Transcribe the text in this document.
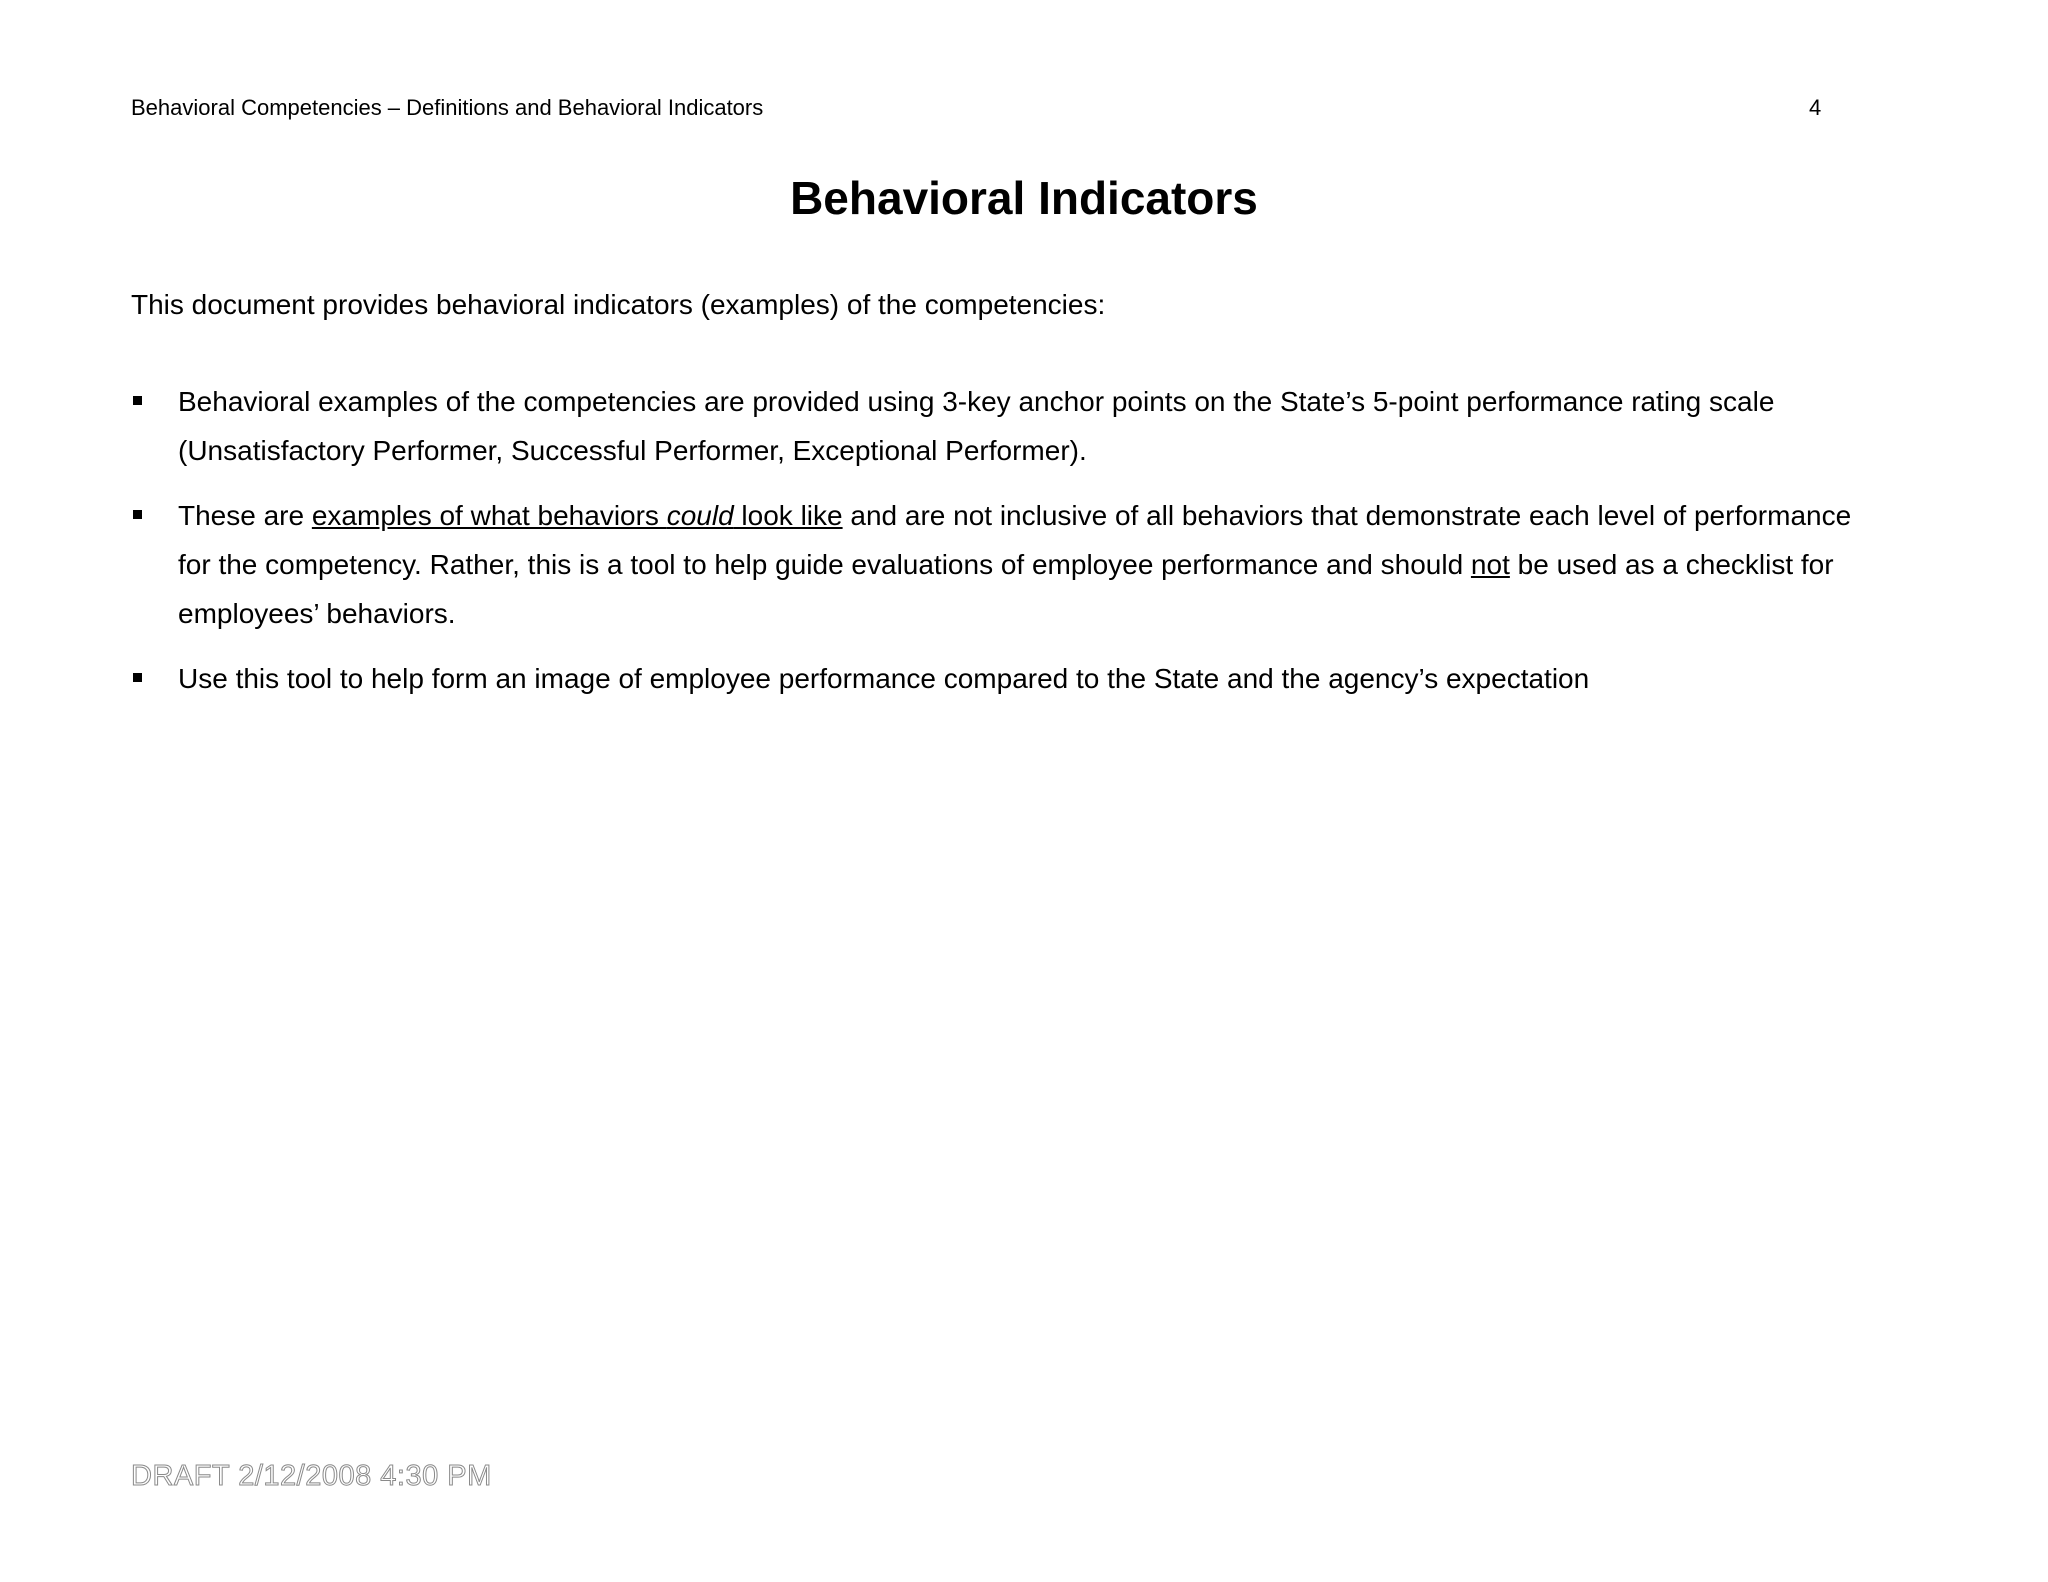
Behavioral Competencies – Definitions and Behavioral Indicators	4
Behavioral Indicators
This document provides behavioral indicators (examples) of the competencies:
Behavioral examples of the competencies are provided using 3-key anchor points on the State’s 5-point performance rating scale (Unsatisfactory Performer, Successful Performer, Exceptional Performer).
These are examples of what behaviors could look like and are not inclusive of all behaviors that demonstrate each level of performance for the competency. Rather, this is a tool to help guide evaluations of employee performance and should not be used as a checklist for employees’ behaviors.
Use this tool to help form an image of employee performance compared to the State and the agency’s expectation
DRAFT 2/12/2008 4:30 PM
